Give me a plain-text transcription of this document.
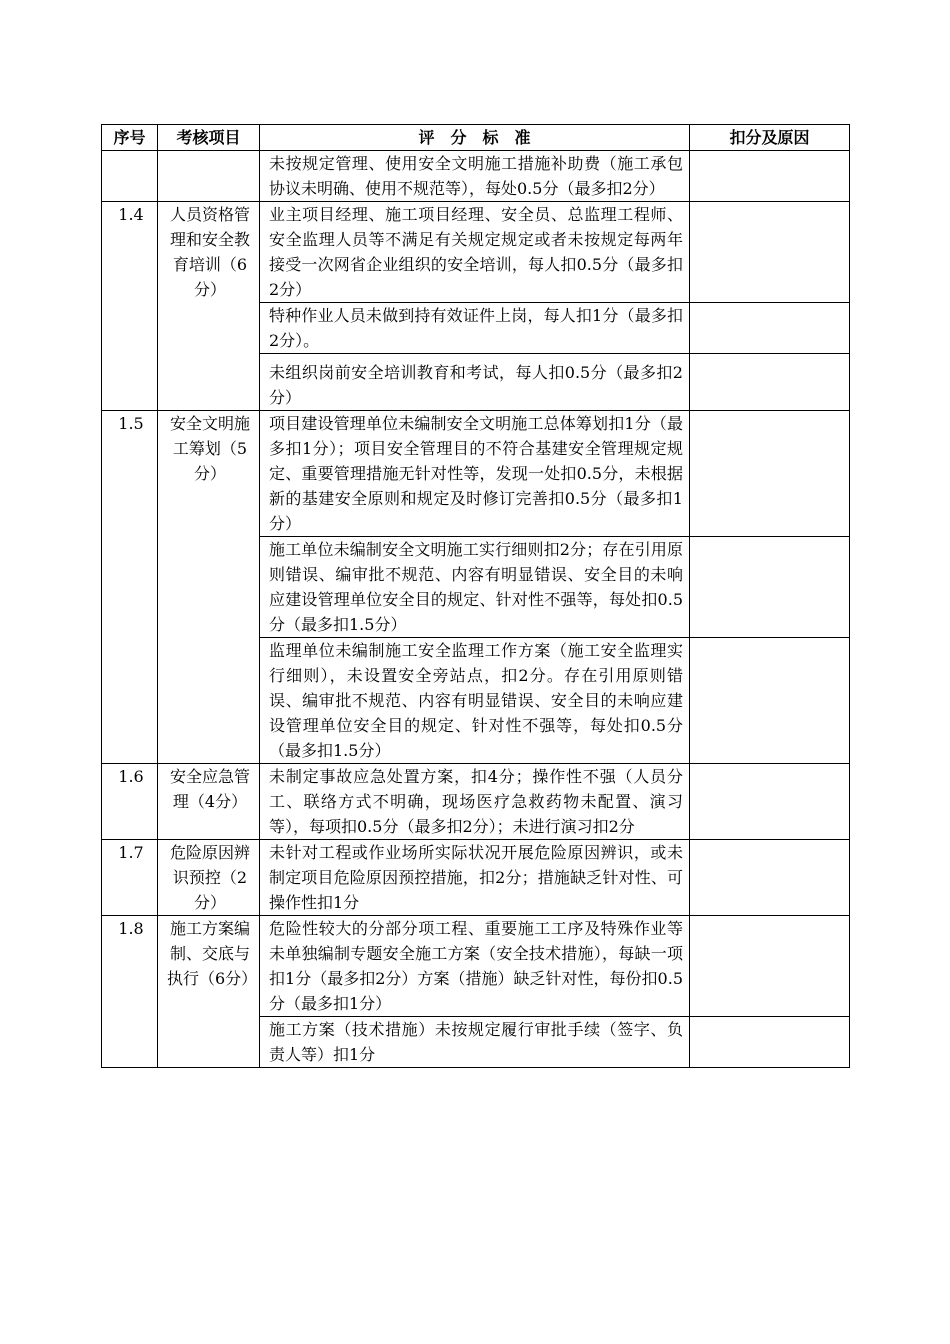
序号	考核项目	评　分　标　准	扣分及原因
		未按规定管理、使用安全文明施工措施补助费（施工承包协议未明确、使用不规范等），每处0.5分（最多扣2分）	
1.4	人员资格管理和安全教育培训（6分）	业主项目经理、施工项目经理、安全员、总监理工程师、安全监理人员等不满足有关规定规定或者未按规定每两年接受一次网省企业组织的安全培训，每人扣0.5分（最多扣2分）	
		特种作业人员未做到持有效证件上岗，每人扣1分（最多扣2分）。	
		未组织岗前安全培训教育和考试，每人扣0.5分（最多扣2分）	
1.5	安全文明施工筹划（5分）	项目建设管理单位未编制安全文明施工总体筹划扣1分（最多扣1分）；项目安全管理目的不符合基建安全管理规定规定、重要管理措施无针对性等，发现一处扣0.5分，未根据新的基建安全原则和规定及时修订完善扣0.5分（最多扣1分）	
		施工单位未编制安全文明施工实行细则扣2分；存在引用原则错误、编审批不规范、内容有明显错误、安全目的未响应建设管理单位安全目的规定、针对性不强等，每处扣0.5分（最多扣1.5分）	
		监理单位未编制施工安全监理工作方案（施工安全监理实行细则），未设置安全旁站点，扣2分。存在引用原则错误、编审批不规范、内容有明显错误、安全目的未响应建设管理单位安全目的规定、针对性不强等，每处扣0.5分（最多扣1.5分）	
1.6	安全应急管理（4分）	未制定事故应急处置方案，扣4分；操作性不强（人员分工、联络方式不明确，现场医疗急救药物未配置、演习等），每项扣0.5分（最多扣2分）；未进行演习扣2分	
1.7	危险原因辨识预控（2分）	未针对工程或作业场所实际状况开展危险原因辨识，或未制定项目危险原因预控措施，扣2分；措施缺乏针对性、可操作性扣1分	
1.8	施工方案编制、交底与执行（6分）	危险性较大的分部分项工程、重要施工工序及特殊作业等未单独编制专题安全施工方案（安全技术措施），每缺一项扣1分（最多扣2分）方案（措施）缺乏针对性，每份扣0.5分（最多扣1分）	
		施工方案（技术措施）未按规定履行审批手续（签字、负责人等）扣1分	
